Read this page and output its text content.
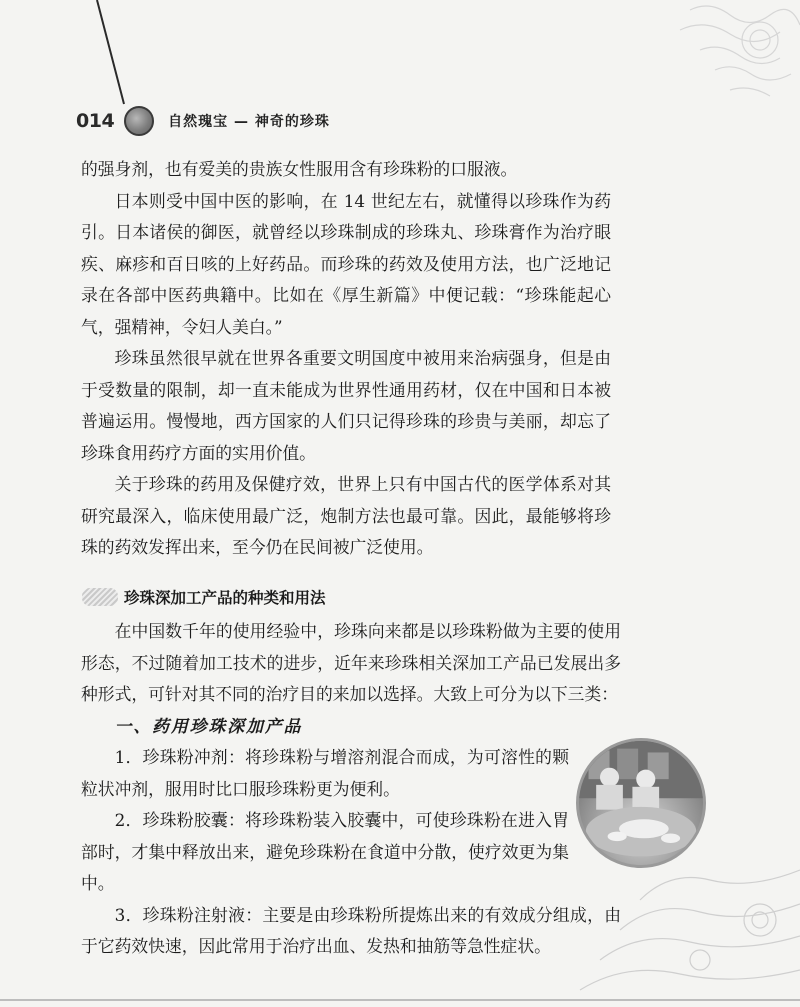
014	自然瑰宝 — 神奇的珍珠

的强身剂，也有爱美的贵族女性服用含有珍珠粉的口服液。

日本则受中国中医的影响，在 14 世纪左右，就懂得以珍珠作为药引。日本诸侯的御医，就曾经以珍珠制成的珍珠丸、珍珠膏作为治疗眼疾、麻疹和百日咳的上好药品。而珍珠的药效及使用方法，也广泛地记录在各部中医药典籍中。比如在《厚生新篇》中便记载：“珍珠能起心气，强精神，令妇人美白。”

珍珠虽然很早就在世界各重要文明国度中被用来治病强身，但是由于受数量的限制，却一直未能成为世界性通用药材，仅在中国和日本被普遍运用。慢慢地，西方国家的人们只记得珍珠的珍贵与美丽，却忘了珍珠食用药疗方面的实用价值。

关于珍珠的药用及保健疗效，世界上只有中国古代的医学体系对其研究最深入，临床使用最广泛，炮制方法也最可靠。因此，最能够将珍珠的药效发挥出来，至今仍在民间被广泛使用。

珍珠深加工产品的种类和用法

在中国数千年的使用经验中，珍珠向来都是以珍珠粉做为主要的使用形态，不过随着加工技术的进步，近年来珍珠相关深加工产品已发展出多种形式，可针对其不同的治疗目的来加以选择。大致上可分为以下三类：

一、药用珍珠深加产品

1．珍珠粉冲剂：将珍珠粉与增溶剂混合而成，为可溶性的颗粒状冲剂，服用时比口服珍珠粉更为便利。

2．珍珠粉胶囊：将珍珠粉装入胶囊中，可使珍珠粉在进入胃部时，才集中释放出来，避免珍珠粉在食道中分散，使疗效更为集中。

3．珍珠粉注射液：主要是由珍珠粉所提炼出来的有效成分组成，由于它药效快速，因此常用于治疗出血、发热和抽筋等急性症状。
